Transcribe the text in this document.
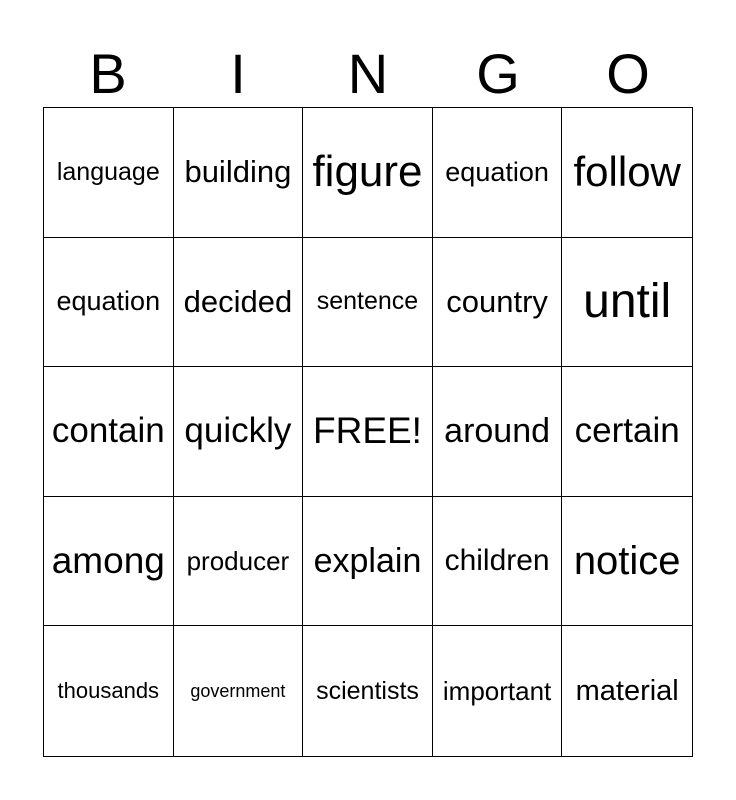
B	I	N	G	O
language building figure equation follow
equation decided sentence country until
contain quickly FREE! around certain
among producer explain children notice
thousands	government	scientists important material
